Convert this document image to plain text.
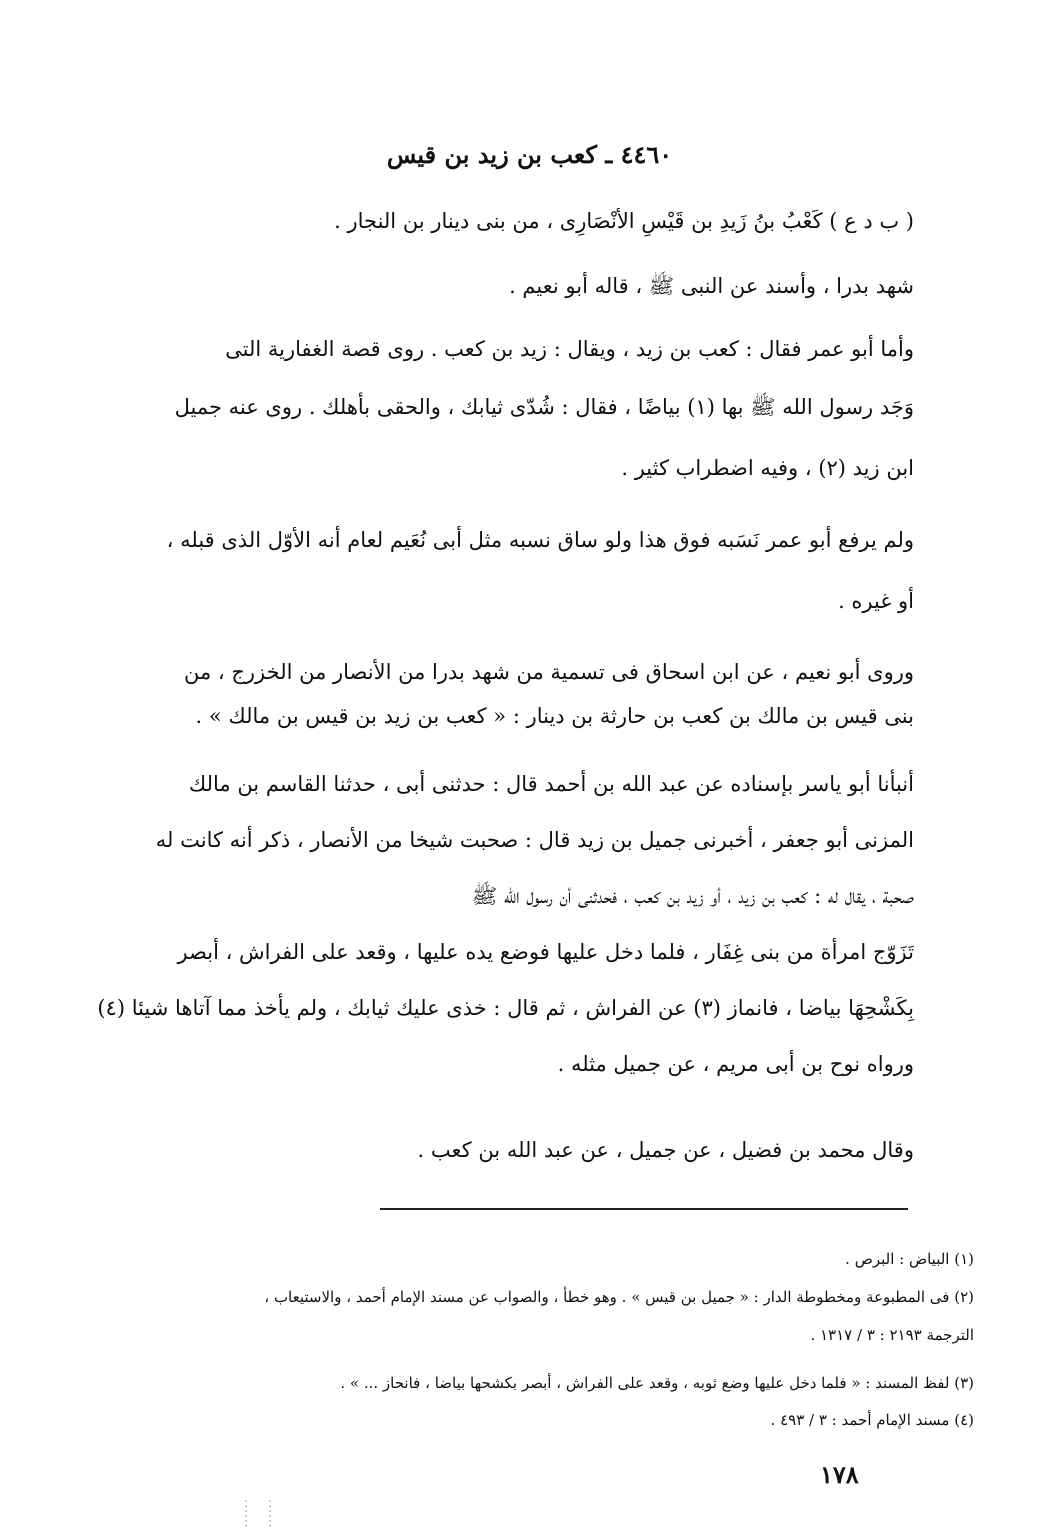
٤٤٦٠ ـ كعب بن زيد بن قيس
( ب د ع ) كَعْبُ بنُ زَيدِ بن قَيْسٍ الأنْصَارِى ، من بنى دينار بن النجار .
شهد بدرا ، وأسند عن النبى ﷺ ، قاله أبو نعيم .
وأما أبو عمر فقال : كعب بن زيد ، ويقال : زيد بن كعب . روى قصة الغفارية التى
وَجَد رسول الله ﷺ بها (١) بياضًا ، فقال : شُدّى ثيابك ، والحقى بأهلك . روى عنه جميل
ابن زيد (٢) ، وفيه اضطراب كثير .
ولم يرفع أبو عمر نَسَبه فوق هذا ولو ساق نسبه مثل أبى نُعَيم لعام أنه الأوّل الذى قبله ،
أو غيره .
وروى أبو نعيم ، عن ابن اسحاق فى تسمية من شهد بدرا من الأنصار من الخزرج ، من
بنى قيس بن مالك بن كعب بن حارثة بن دينار : « كعب بن زيد بن قيس بن مالك » .
أنبأنا أبو ياسر بإسناده عن عبد الله بن أحمد قال : حدثنى أبى ، حدثنا القاسم بن مالك
المزنى أبو جعفر ، أخبرنى جميل بن زيد قال : صحبت شيخا من الأنصار ، ذكر أنه كانت له
صحبة ، يقال له : كعب بن زيد ، أو زيد بن كعب ، فحدثنى أن رسول الله ﷺ
تَزَوّج امرأة من بنى غِفَار ، فلما دخل عليها فوضع يده عليها ، وقعد على الفراش ، أبصر
بِكَشْحِهَا بياضا ، فانماز (٣) عن الفراش ، ثم قال : خذى عليك ثيابك ، ولم يأخذ مما آتاها شيئا (٤)
ورواه نوح بن أبى مريم ، عن جميل مثله .
وقال محمد بن فضيل ، عن جميل ، عن عبد الله بن كعب .
(١) البياض : البرص .
(٢) فى المطبوعة ومخطوطة الدار : « جميل بن قيس » . وهو خطأ ، والصواب عن مسند الإمام أحمد ، والاستيعاب ،
الترجمة ٢١٩٣ : ٣ / ١٣١٧ .
(٣) لفظ المسند : « فلما دخل عليها وضع ثوبه ، وقعد على الفراش ، أبصر بكشحها بياضا ، فانحاز ... » .
(٤) مسند الإمام أحمد : ٣ / ٤٩٣ .
١٧٨
